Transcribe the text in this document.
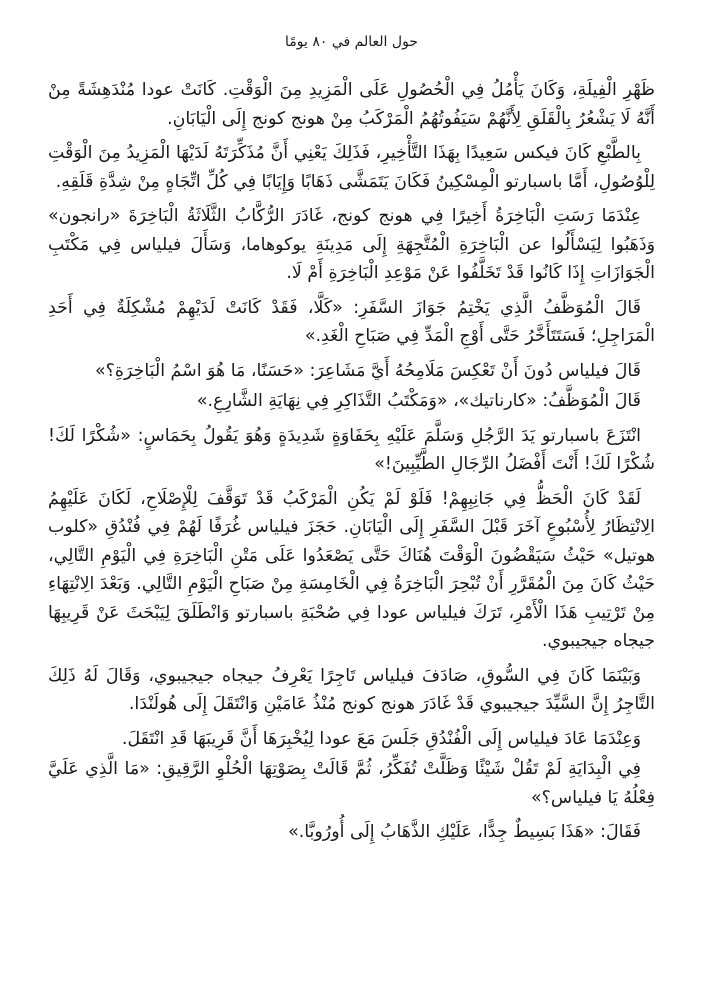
حول العالم في ٨٠ يومًا

ظَهْرِ الْفِيلَةِ، وَكَانَ يَأْمُلُ فِي الْحُصُولِ عَلَى الْمَزِيدِ مِنَ الْوَقْتِ. كَانَتْ عودا مُنْدَهِشَةً مِنْ أَنَّهُ لَا يَشْعُرُ بِالْقَلَقِ لِأَنَّهُمْ سَيَفُوتُهُمُ الْمَرْكَبُ مِنْ هونج كونج إِلَى الْيَابَانِ.

بِالطَّبْعِ كَانَ فيكس سَعِيدًا بِهَذَا التَّأْخِيرِ، فَذَلِكَ يَعْنِي أَنَّ مُذَكِّرَتَهُ لَدَيْهَا الْمَزِيدُ مِنَ الْوَقْتِ لِلْوُصُولِ، أَمَّا باسبارتو الْمِسْكِينُ فَكَانَ يَتَمَشَّى ذَهَابًا وَإِيَابًا فِي كُلِّ اتِّجَاهٍ مِنْ شِدَّةِ قَلَقِهِ.

عِنْدَمَا رَسَتِ الْبَاخِرَةُ أَخِيرًا فِي هونج كونج، غَادَرَ الرُّكَّابُ الثَّلَاثَةُ الْبَاخِرَةَ «رانجون» وَذَهَبُوا لِيَسْأَلُوا عن الْبَاخِرَةِ الْمُتَّجِهَةِ إِلَى مَدِينَةِ يوكوهاما، وَسَأَلَ فيلياس فِي مَكْتَبِ الْجَوَازَاتِ إِذَا كَانُوا قَدْ تَخَلَّفُوا عَنْ مَوْعِدِ الْبَاخِرَةِ أَمْ لَا.

قَالَ الْمُوَظَّفُ الَّذِي يَخْتِمُ جَوَازَ السَّفَرِ: «كَلَّا، فَقَدْ كَانَتْ لَدَيْهِمْ مُشْكِلَةٌ فِي أَحَدِ الْمَرَاجِلِ؛ فَسَتَتَأَخَّرُ حَتَّى أَوْجِ الْمَدِّ فِي صَبَاحِ الْغَدِ.»

قَالَ فيلياس دُونَ أَنْ تَعْكِسَ مَلَامِحُهُ أَيَّ مَشَاعِرَ: «حَسَنًا، مَا هُوَ اسْمُ الْبَاخِرَةِ؟»

قَالَ الْمُوَظَّفُ: «كارناتيك»، «وَمَكْتَبُ التَّذَاكِرِ فِي نِهَايَةِ الشَّارِعِ.»

انْتَزَعَ باسبارتو يَدَ الرَّجُلِ وَسَلَّمَ عَلَيْهِ بِحَفَاوَةٍ شَدِيدَةٍ وَهُوَ يَقُولُ بِحَمَاسٍ: «شُكْرًا لَكَ! شُكْرًا لَكَ! أَنْتَ أَفْضَلُ الرِّجَالِ الطَّيِّبِينَ!»

لَقَدْ كَانَ الْحَظُّ فِي جَانِبِهِمْ! فَلَوْ لَمْ يَكُنِ الْمَرْكَبُ قَدْ تَوَقَّفَ لِلْإِصْلَاحِ، لَكَانَ عَلَيْهِمُ الِانْتِظَارُ لِأُسْبُوعٍ آخَرَ قَبْلَ السَّفَرِ إِلَى الْيَابَانِ. حَجَزَ فيلياس غُرَفًا لَهُمْ فِي فُنْدُقِ «كلوب هوتيل» حَيْثُ سَيَقْضُونَ الْوَقْتَ هُنَاكَ حَتَّى يَصْعَدُوا عَلَى مَتْنِ الْبَاخِرَةِ فِي الْيَوْمِ التَّالِي، حَيْثُ كَانَ مِنَ الْمُقَرَّرِ أَنْ تُبْحِرَ الْبَاخِرَةُ فِي الْخَامِسَةِ مِنْ صَبَاحِ الْيَوْمِ التَّالِي. وَبَعْدَ الِانْتِهَاءِ مِنْ تَرْتِيبِ هَذَا الْأَمْرِ، تَرَكَ فيلياس عودا فِي صُحْبَةِ باسبارتو وَانْطَلَقَ لِيَبْحَثَ عَنْ قَرِيبِهَا جيجاه جيجيبوي.

وَبَيْنَمَا كَانَ فِي السُّوقِ، صَادَفَ فيلياس تَاجِرًا يَعْرِفُ جيجاه جيجيبوي، وَقَالَ لَهُ ذَلِكَ التَّاجِرُ إِنَّ السَّيِّدَ جيجيبوي قَدْ غَادَرَ هونج كونج مُنْذُ عَامَيْنِ وَانْتَقَلَ إِلَى هُولَنْدَا.

وَعِنْدَمَا عَادَ فيلياس إِلَى الْفُنْدُقِ جَلَسَ مَعَ عودا لِيُخْبِرَهَا أَنَّ قَرِيبَهَا قَدِ انْتَقَلَ.

فِي الْبِدَايَةِ لَمْ تَقُلْ شَيْئًا وَظَلَّتْ تُفَكِّرُ، ثُمَّ قَالَتْ بِصَوْتِهَا الْحُلْوِ الرَّقِيقِ: «مَا الَّذِي عَلَيَّ فِعْلُهُ يَا فيلياس؟»

فَقَالَ: «هَذَا بَسِيطٌ جِدًّا، عَلَيْكِ الذَّهَابُ إِلَى أُورُوبَّا.»
